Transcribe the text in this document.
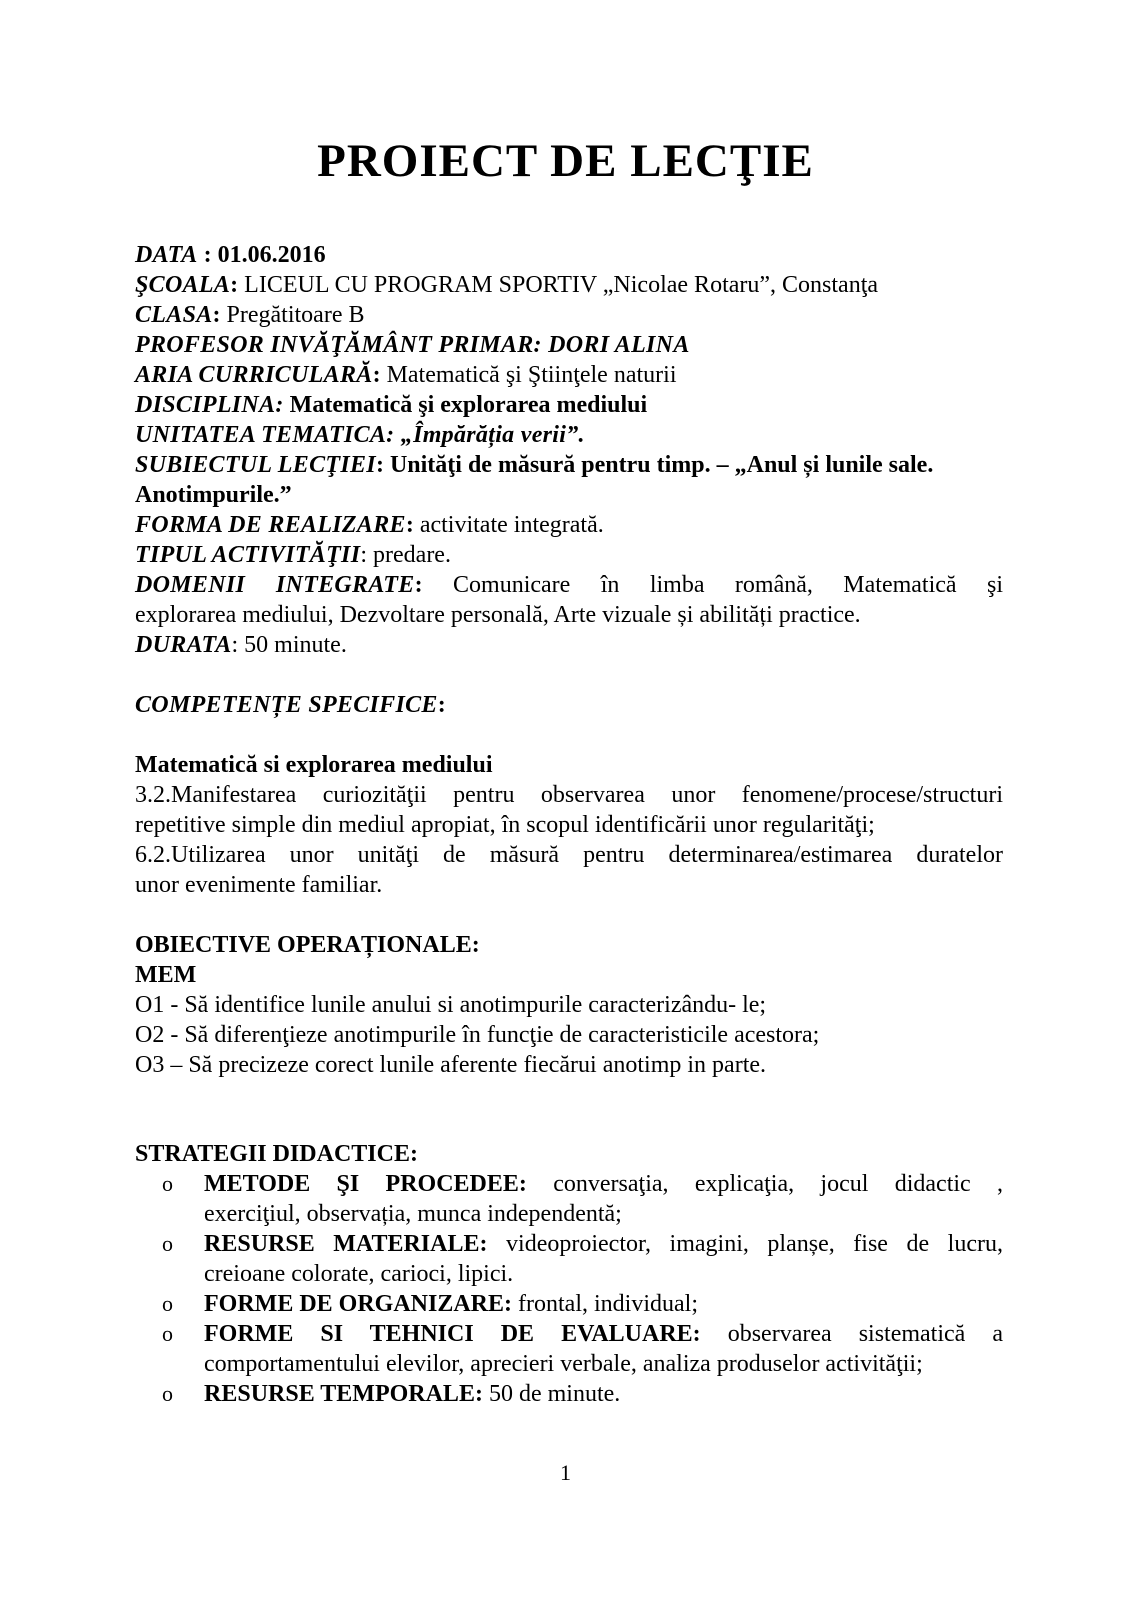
PROIECT DE LECŢIE
DATA : 01.06.2016
ŞCOALA: LICEUL CU PROGRAM SPORTIV „Nicolae Rotaru”, Constanţa
CLASA: Pregătitoare B
PROFESOR INVĂŢĂMÂNT PRIMAR: DORI ALINA
ARIA CURRICULARĂ: Matematică şi Ştiinţele naturii
DISCIPLINA: Matematică şi explorarea mediului
UNITATEA TEMATICA: „Împărăția verii”.
SUBIECTUL LECŢIEI: Unităţi de măsură pentru timp. – „Anul și lunile sale.
Anotimpurile.”
FORMA DE REALIZARE: activitate integrată.
TIPUL ACTIVITĂŢII: predare.
DOMENII INTEGRATE: Comunicare în limba română, Matematică şi
explorarea mediului, Dezvoltare personală, Arte vizuale și abilități practice.
DURATA: 50 minute.
COMPETENȚE SPECIFICE:
Matematică si explorarea mediului
3.2.Manifestarea curiozităţii pentru observarea unor fenomene/procese/structuri
repetitive simple din mediul apropiat, în scopul identificării unor regularităţi;
6.2.Utilizarea unor unităţi de măsură pentru determinarea/estimarea duratelor
unor evenimente familiar.
OBIECTIVE OPERAȚIONALE:
MEM
O1 - Să identifice lunile anului si anotimpurile caracterizându- le;
O2 - Să diferenţieze anotimpurile în funcţie de caracteristicile acestora;
O3 – Să precizeze corect lunile aferente fiecărui anotimp in parte.
STRATEGII DIDACTICE:
o	METODE ŞI PROCEDEE: conversaţia, explicaţia, jocul didactic ,
exerciţiul, observația, munca independentă;
o	RESURSE MATERIALE: videoproiector, imagini, planșe, fise de lucru,
creioane colorate, carioci, lipici.
o	FORME DE ORGANIZARE: frontal, individual;
o	FORME SI TEHNICI DE EVALUARE: observarea sistematică a
comportamentului elevilor, aprecieri verbale, analiza produselor activităţii;
o	RESURSE TEMPORALE: 50 de minute.
1
